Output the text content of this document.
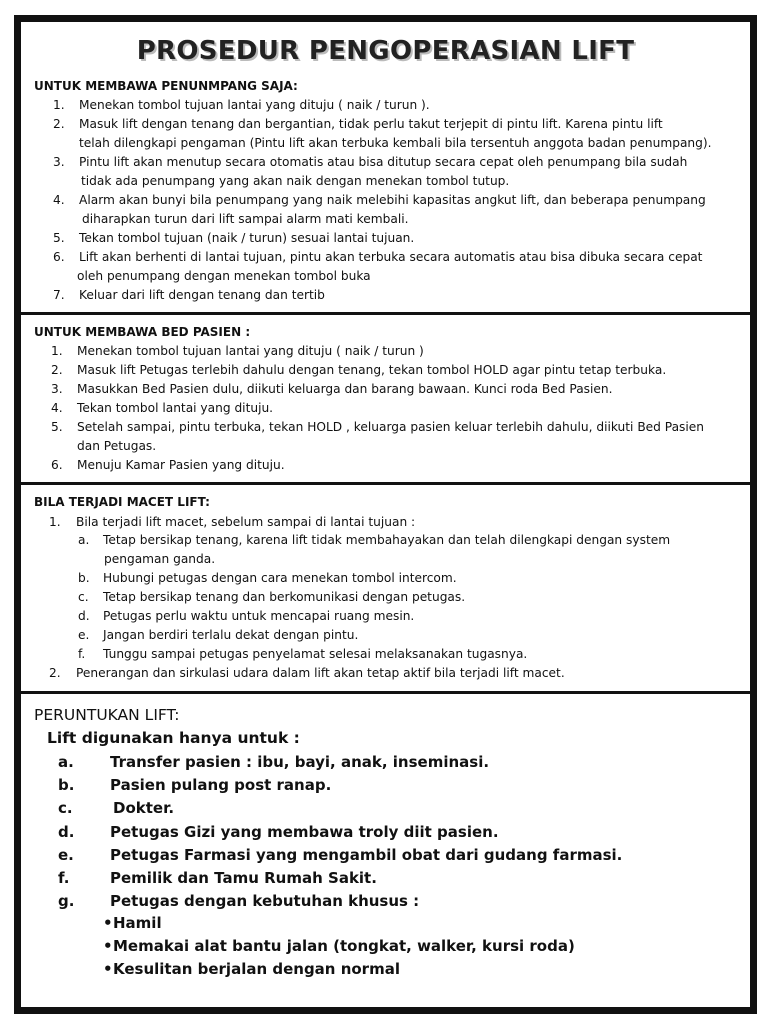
PROSEDUR PENGOPERASIAN LIFT
UNTUK MEMBAWA PENUNMPANG SAJA:
1. Menekan tombol tujuan lantai yang dituju ( naik / turun ).
2. Masuk lift dengan tenang dan bergantian, tidak perlu takut terjepit di pintu lift. Karena pintu lift
telah dilengkapi pengaman (Pintu lift akan terbuka kembali bila tersentuh anggota badan penumpang).
3. Pintu lift akan menutup secara otomatis atau bisa ditutup secara cepat oleh penumpang bila sudah
tidak ada penumpang yang akan naik dengan menekan tombol tutup.
4. Alarm akan bunyi bila penumpang yang naik melebihi kapasitas angkut lift, dan beberapa penumpang
diharapkan turun dari lift sampai alarm mati kembali.
5. Tekan tombol tujuan (naik / turun) sesuai lantai tujuan.
6. Lift akan berhenti di lantai tujuan, pintu akan terbuka secara automatis atau bisa dibuka secara cepat
oleh penumpang dengan menekan tombol buka
7. Keluar dari lift dengan tenang dan tertib
UNTUK MEMBAWA BED PASIEN :
1. Menekan tombol tujuan lantai yang dituju ( naik / turun )
2. Masuk lift Petugas terlebih dahulu dengan tenang, tekan tombol HOLD agar pintu tetap terbuka.
3. Masukkan Bed Pasien dulu, diikuti keluarga dan barang bawaan. Kunci roda Bed Pasien.
4. Tekan tombol lantai yang dituju.
5. Setelah sampai, pintu terbuka, tekan HOLD , keluarga pasien keluar terlebih dahulu, diikuti Bed Pasien
dan Petugas.
6. Menuju Kamar Pasien yang dituju.
BILA TERJADI MACET LIFT:
1. Bila terjadi lift macet, sebelum sampai di lantai tujuan :
a. Tetap bersikap tenang, karena lift tidak membahayakan dan telah dilengkapi dengan system
pengaman ganda.
b. Hubungi petugas dengan cara menekan tombol intercom.
c. Tetap bersikap tenang dan berkomunikasi dengan petugas.
d. Petugas perlu waktu untuk mencapai ruang mesin.
e. Jangan berdiri terlalu dekat dengan pintu.
f. Tunggu sampai petugas penyelamat selesai melaksanakan tugasnya.
2. Penerangan dan sirkulasi udara dalam lift akan tetap aktif bila terjadi lift macet.
PERUNTUKAN LIFT:
Lift digunakan hanya untuk :
a. Transfer pasien : ibu, bayi, anak, inseminasi.
b. Pasien pulang post ranap.
c.	Dokter.
d. Petugas Gizi yang membawa troly diit pasien.
e. Petugas Farmasi yang mengambil obat dari gudang farmasi.
f.	Pemilik dan Tamu Rumah Sakit.
g. Petugas dengan kebutuhan khusus :
• Hamil
• Memakai alat bantu jalan (tongkat, walker, kursi roda)
• Kesulitan berjalan dengan normal
